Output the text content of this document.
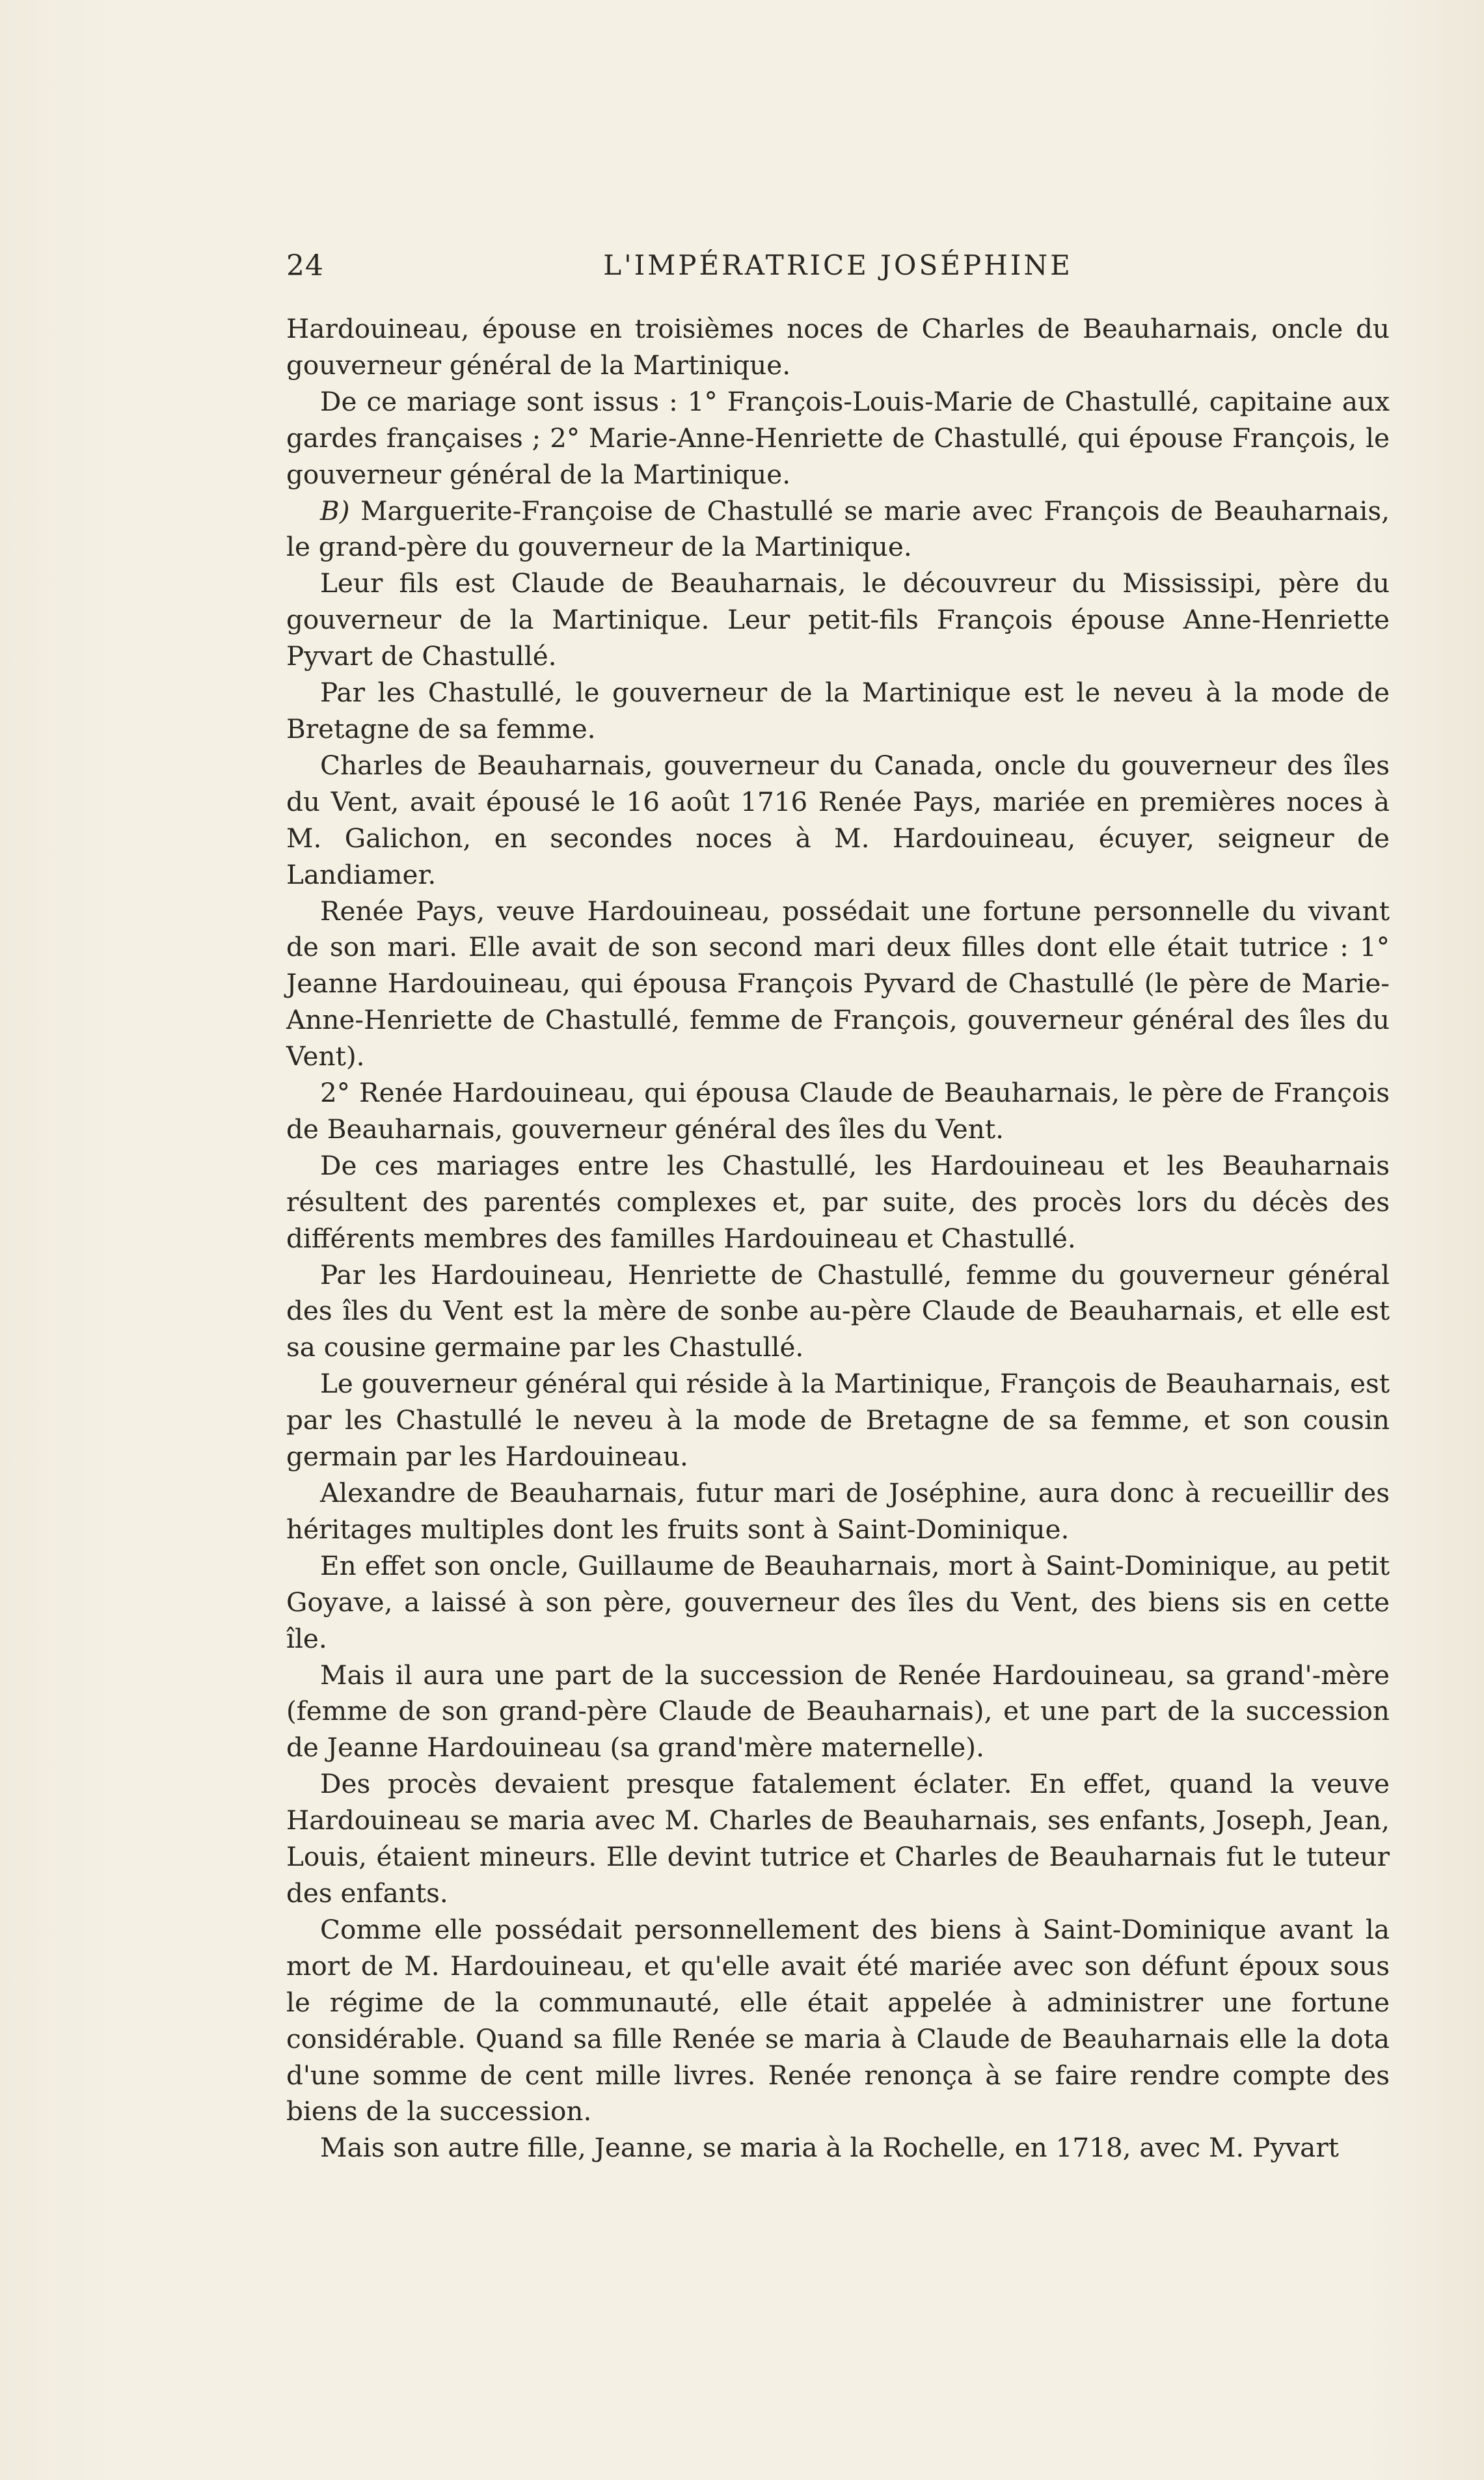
24	L'IMPÉRATRICE JOSÉPHINE

Hardouineau, épouse en troisièmes noces de Charles de Beauharnais, oncle du gouverneur général de la Martinique.

De ce mariage sont issus : 1° François-Louis-Marie de Chastullé, capitaine aux gardes françaises ; 2° Marie-Anne-Henriette de Chastullé, qui épouse François, le gouverneur général de la Martinique.

B) Marguerite-Françoise de Chastullé se marie avec François de Beauharnais, le grand-père du gouverneur de la Martinique.

Leur fils est Claude de Beauharnais, le découvreur du Mississipi, père du gouverneur de la Martinique. Leur petit-fils François épouse Anne-Henriette Pyvart de Chastullé.

Par les Chastullé, le gouverneur de la Martinique est le neveu à la mode de Bretagne de sa femme.

Charles de Beauharnais, gouverneur du Canada, oncle du gouverneur des îles du Vent, avait épousé le 16 août 1716 Renée Pays, mariée en premières noces à M. Galichon, en secondes noces à M. Hardouineau, écuyer, seigneur de Landiamer.

Renée Pays, veuve Hardouineau, possédait une fortune personnelle du vivant de son mari. Elle avait de son second mari deux filles dont elle était tutrice : 1° Jeanne Hardouineau, qui épousa François Pyvard de Chastullé (le père de Marie-Anne-Henriette de Chastullé, femme de François, gouverneur général des îles du Vent).

2° Renée Hardouineau, qui épousa Claude de Beauharnais, le père de François de Beauharnais, gouverneur général des îles du Vent.

De ces mariages entre les Chastullé, les Hardouineau et les Beauharnais résultent des parentés complexes et, par suite, des procès lors du décès des différents membres des familles Hardouineau et Chastullé.

Par les Hardouineau, Henriette de Chastullé, femme du gouverneur général des îles du Vent est la mère de sonbe au-père Claude de Beauharnais, et elle est sa cousine germaine par les Chastullé.

Le gouverneur général qui réside à la Martinique, François de Beauharnais, est par les Chastullé le neveu à la mode de Bretagne de sa femme, et son cousin germain par les Hardouineau.

Alexandre de Beauharnais, futur mari de Joséphine, aura donc à recueillir des héritages multiples dont les fruits sont à Saint-Dominique.

En effet son oncle, Guillaume de Beauharnais, mort à Saint-Dominique, au petit Goyave, a laissé à son père, gouverneur des îles du Vent, des biens sis en cette île.

Mais il aura une part de la succession de Renée Hardouineau, sa grand'-mère (femme de son grand-père Claude de Beauharnais), et une part de la succession de Jeanne Hardouineau (sa grand'mère maternelle).

Des procès devaient presque fatalement éclater. En effet, quand la veuve Hardouineau se maria avec M. Charles de Beauharnais, ses enfants, Joseph, Jean, Louis, étaient mineurs. Elle devint tutrice et Charles de Beauharnais fut le tuteur des enfants.

Comme elle possédait personnellement des biens à Saint-Dominique avant la mort de M. Hardouineau, et qu'elle avait été mariée avec son défunt époux sous le régime de la communauté, elle était appelée à administrer une fortune considérable. Quand sa fille Renée se maria à Claude de Beauharnais elle la dota d'une somme de cent mille livres. Renée renonça à se faire rendre compte des biens de la succession.

Mais son autre fille, Jeanne, se maria à la Rochelle, en 1718, avec M. Pyvart
